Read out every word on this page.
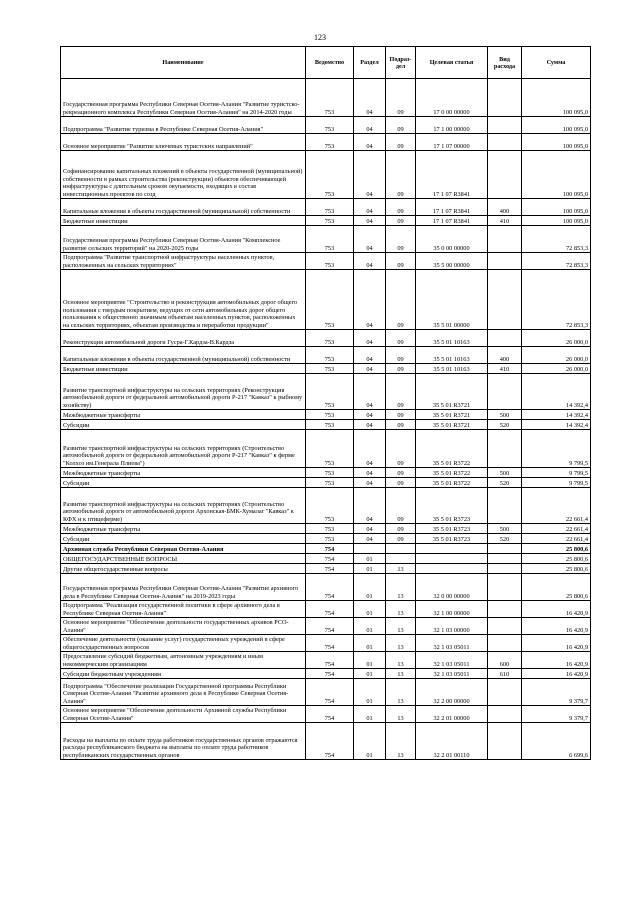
123
Наименование	Ведомство	Раздел	Подраз-дел	Целевая статья	Вид расхода	Сумма
Государственная программа Республики Северная Осетия-Алания "Развитие туристско-рекреационного комплекса Республики Северная Осетия-Алания" на 2014-2020 годы	753	04	09	17 0 00 00000		100 095,0
Подпрограмма "Развитие туризма в Республике Северная Осетия-Алания"	753	04	09	17 1 00 00000		100 095,0
Основное мероприятие "Развитие ключевых туристских направлений"	753	04	09	17 1 07 00000		100 095,0
Софинансирование капитальных вложений в объекты государственной (муниципальной) собственности в рамках строительства (реконструкции) объектов обеспечивающей инфраструктуры с длительным сроком окупаемости, входящих в состав инвестиционных проектов по созд	753	04	09	17 1 07 R3841		100 095,0
Капитальные вложения в объекты государственной (муниципальной) собственности	753	04	09	17 1 07 R3841	400	100 095,0
Бюджетные инвестиции	753	04	09	17 1 07 R3841	410	100 095,0
Государственная программа Республики Северная Осетия-Алания "Комплексное развитие сельских территорий" на 2020-2025 годы	753	04	09	35 0 00 00000		72 853,3
Подпрограмма "Развитие транспортной инфраструктуры населенных пунктов, расположенных на сельских территориях"	753	04	09	35 5 00 00000		72 853,3
Основное мероприятие "Строительство и реконструкция автомобильных дорог общего пользования с твердым покрытием, ведущих от сети автомобильных дорог общего пользования к общественно значимым объектам населенных пунктов, расположенных на сельских территориях, объектам производства и переработки продукции"	753	04	09	35 5 01 00000		72 853,3
Реконструкция автомобильной дороги Гусра-Г.Кардза-В.Кардза	753	04	09	35 5 01 10163		26 000,0
Капитальные вложения в объекты государственной (муниципальной) собственности	753	04	09	35 5 01 10163	400	26 000,0
Бюджетные инвестиции	753	04	09	35 5 01 10163	410	26 000,0
Развитие транспортной инфраструктуры на сельских территориях (Реконструкция автомобильной дороги от федеральной автомобильной дороги Р-217 "Кавказ" к рыбному хозяйству)	753	04	09	35 5 01 R3721		14 392,4
Межбюджетные трансферты	753	04	09	35 5 01 R3721	500	14 392,4
Субсидии	753	04	09	35 5 01 R3721	520	14 392,4
Развитие транспортной инфраструктуры на сельских территориях (Строительство автомобильной дороги от федеральной автомобильной дороги Р-217 "Кавказ" к ферме "Колхоз им.Генерала Плиева")	753	04	09	35 5 01 R3722		9 799,5
Межбюджетные трансферты	753	04	09	35 5 01 R3722	500	9 799,5
Субсидии	753	04	09	35 5 01 R3722	520	9 799,5
Развитие транспортной инфраструктуры на сельских территориях (Строительство автомобильной дороги от автомобильной дороги Архонская-БМК-Хумалаг "Кавказ" к КФХ и к птицеферме)	753	04	09	35 5 01 R3723		22 661,4
Межбюджетные трансферты	753	04	09	35 5 01 R3723	500	22 661,4
Субсидии	753	04	09	35 5 01 R3723	520	22 661,4
Архивная служба Республики Северная Осетия-Алания	754					25 800,6
ОБЩЕГОСУДАРСТВЕННЫЕ ВОПРОСЫ	754	01				25 800,6
Другие общегосударственные вопросы	754	01	13			25 800,6
Государственная программа Республики Северная Осетия-Алания "Развитие архивного дела в Республике Северная Осетия-Алания" на 2019-2023 годы	754	01	13	32 0 00 00000		25 800,6
Подпрограмма "Реализация государственной политики в сфере архивного дела в Республике Северная Осетия-Алания"	754	01	13	32 1 00 00000		16 420,9
Основное мероприятие "Обеспечение деятельности государственных архивов РСО-Алания"	754	01	13	32 1 03 00000		16 420,9
Обеспечение деятельности (оказание услуг) государственных учреждений в сфере общегосударственных вопросов	754	01	13	32 1 03 05011		16 420,9
Предоставление субсидий бюджетным, автономным учреждениям и иным некоммерческим организациям	754	01	13	32 1 03 05011	600	16 420,9
Субсидии бюджетным учреждениям	754	01	13	32 1 03 05011	610	16 420,9
Подпрограмма "Обеспечение реализации Государственной программы Республики Северная Осетия-Алания "Развитие архивного дела в Республике Северная Осетия-Алания"	754	01	13	32 2 00 00000		9 379,7
Основное мероприятие "Обеспечение деятельности Архивной службы Республики Северная Осетия-Алания"	754	01	13	32 2 01 00000		9 379,7
Расходы на выплаты по оплате труда работников государственных органов отражаются расходы республиканского бюджета на выплаты по оплате труда работников республиканских государственных органов	754	01	13	32 2 01 00110		6 699,6
